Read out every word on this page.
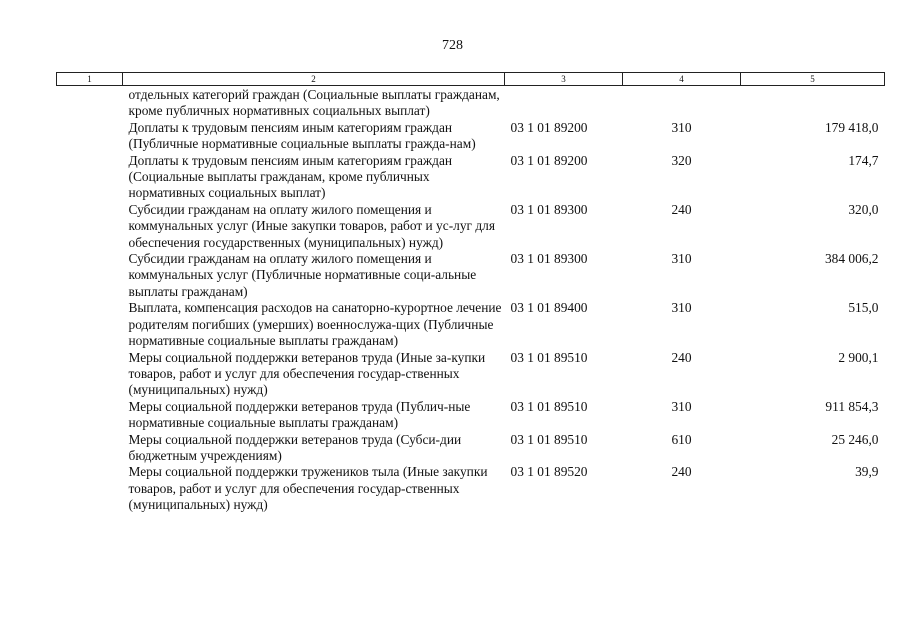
728
1	2	3	4	5
	отдельных категорий граждан (Социальные выплаты гражданам, кроме публичных нормативных социальных выплат)			
	Доплаты к трудовым пенсиям иным категориям граждан (Публичные нормативные социальные выплаты гражда-нам)	03 1 01 89200	310	179 418,0
	Доплаты к трудовым пенсиям иным категориям граждан (Социальные выплаты гражданам, кроме публичных нормативных социальных выплат)	03 1 01 89200	320	174,7
	Субсидии гражданам на оплату жилого помещения и коммунальных услуг (Иные закупки товаров, работ и ус-луг для обеспечения государственных (муниципальных) нужд)	03 1 01 89300	240	320,0
	Субсидии гражданам на оплату жилого помещения и коммунальных услуг (Публичные нормативные соци-альные выплаты гражданам)	03 1 01 89300	310	384 006,2
	Выплата, компенсация расходов на санаторно-курортное лечение родителям погибших (умерших) военнослужа-щих (Публичные нормативные социальные выплаты гражданам)	03 1 01 89400	310	515,0
	Меры социальной поддержки ветеранов труда (Иные за-купки товаров, работ и услуг для обеспечения государ-ственных (муниципальных) нужд)	03 1 01 89510	240	2 900,1
	Меры социальной поддержки ветеранов труда (Публич-ные нормативные социальные выплаты гражданам)	03 1 01 89510	310	911 854,3
	Меры социальной поддержки ветеранов труда (Субси-дии бюджетным учреждениям)	03 1 01 89510	610	25 246,0
	Меры социальной поддержки тружеников тыла (Иные закупки товаров, работ и услуг для обеспечения государ-ственных (муниципальных) нужд)	03 1 01 89520	240	39,9
